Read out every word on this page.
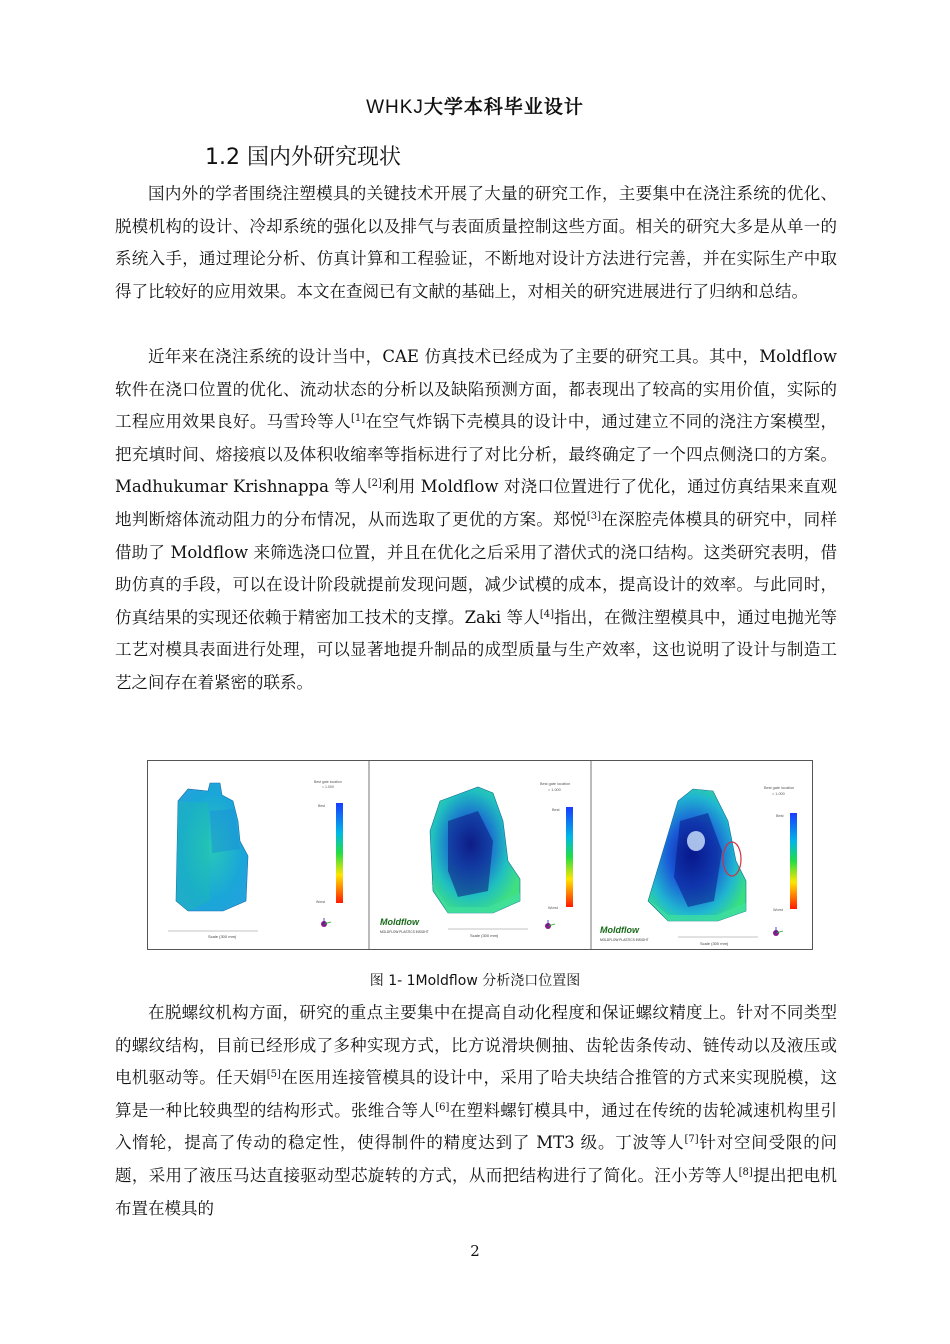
WHKJ大学本科毕业设计
1.2 国内外研究现状

国内外的学者围绕注塑模具的关键技术开展了大量的研究工作，主要集中在浇注系统的优化、脱模机构的设计、冷却系统的强化以及排气与表面质量控制这些方面。相关的研究大多是从单一的系统入手，通过理论分析、仿真计算和工程验证，不断地对设计方法进行完善，并在实际生产中取得了比较好的应用效果。本文在查阅已有文献的基础上，对相关的研究进展进行了归纳和总结。

近年来在浇注系统的设计当中，CAE 仿真技术已经成为了主要的研究工具。其中，Moldflow 软件在浇口位置的优化、流动状态的分析以及缺陷预测方面，都表现出了较高的实用价值，实际的工程应用效果良好。马雪玲等人[1]在空气炸锅下壳模具的设计中，通过建立不同的浇注方案模型，把充填时间、熔接痕以及体积收缩率等指标进行了对比分析，最终确定了一个四点侧浇口的方案。Madhukumar Krishnappa 等人[2]利用 Moldflow 对浇口位置进行了优化，通过仿真结果来直观地判断熔体流动阻力的分布情况，从而选取了更优的方案。郑悦[3]在深腔壳体模具的研究中，同样借助了 Moldflow 来筛选浇口位置，并且在优化之后采用了潜伏式的浇口结构。这类研究表明，借助仿真的手段，可以在设计阶段就提前发现问题，减少试模的成本，提高设计的效率。与此同时，仿真结果的实现还依赖于精密加工技术的支撑。Zaki 等人[4]指出，在微注塑模具中，通过电抛光等工艺对模具表面进行处理，可以显著地提升制品的成型质量与生产效率，这也说明了设计与制造工艺之间存在着紧密的联系。

Scale (300 mm)
Best gate location
= 1.000
Best
Worst
Moldflow
MOLDFLOW PLASTICS INSIGHT
Scale (300 mm)
Best gate location
= 1.000
Best
Worst
Moldflow
MOLDFLOW PLASTICS INSIGHT
Scale (300 mm)
Best gate location
= 1.000
Best
Worst
图 1- 1Moldflow 分析浇口位置图

在脱螺纹机构方面，研究的重点主要集中在提高自动化程度和保证螺纹精度上。针对不同类型的螺纹结构，目前已经形成了多种实现方式，比方说滑块侧抽、齿轮齿条传动、链传动以及液压或电机驱动等。任天娟[5]在医用连接管模具的设计中，采用了哈夫块结合推管的方式来实现脱模，这算是一种比较典型的结构形式。张维合等人[6]在塑料螺钉模具中，通过在传统的齿轮减速机构里引入惰轮，提高了传动的稳定性，使得制件的精度达到了 MT3 级。丁波等人[7]针对空间受限的问题，采用了液压马达直接驱动型芯旋转的方式，从而把结构进行了简化。汪小芳等人[8]提出把电机布置在模具的

2
